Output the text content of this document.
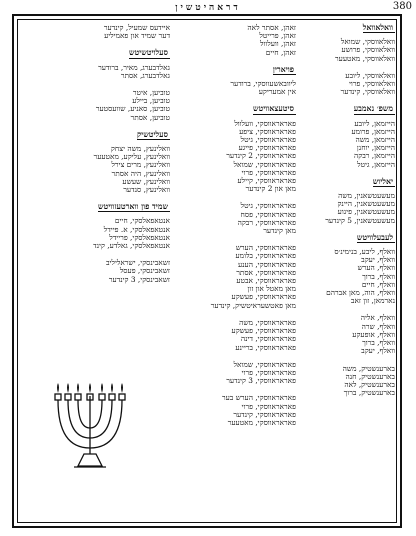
דראהיטשין	380
וואלאוואל
וואלאווסקי, שמואל
וואלאווסקי, פרושע
וואלאווסקי, מאטעער
וואלאווסקי, ליובע
וואלאווסקי, פרוי
וואלאווסקי, קינדער
משפ׳ נאמבע
הייזמאן, ליובע
הייזמאן, פרומע
הייזמאן, משה
הייזמאן, יוחנן
הייזמאן, רבקה
הייזמאן, גיטל
יאליוש
מעשעטשאנין, משה
מעשעטשאנין, היינק
מעשעטשאנין, פינוע
מעשעטשאנין, 5 קינדער
לעבעלוויטש
וואלף, ליבע, בנימינ׳ס
וואלף, יעקב
וואלף, הערש
וואלף, ברוך
וואלף, חיים
וואלף, הוה, מאן אברהם
נארמאן, זון זאב
וואלף, אליה
וואלף, שרה
וואלף, אופעקע
וואלף, ברוך
וואלף, יעקב
בארענשטיק, משה
בארענשטיק, חנה
בארענשטיק, לאה
בארענשטיק, ברוך
זאהן, אסתר לאה
זאהן, פרייטל
זאהן, וועלוול
זאהן, חיים
פויארין
ליוובאשעווסקי, ברודער
אין אמעריקע
סיטעצאוויטש
פאראראווסקי, וועלוול
פאראראווסקי, ציפע
פאראראווסקי, גיטל
פאראראווסקי, פייגע
פאראראווסקי, 2 קינדער
פאראראווסקי, שמואל
פאראראווסקי, פרוי
פאראראווסקי, קיילע
מאן און 2 קינדער
פאראראווסקי, גיטל
פאראראווסקי, פסח
פאראראווסקי, רבקה
מאן קינדער
פאראראווסקי, הערש
פאראראווסקי, בלומע
פאראראווסקי, הענע
פאראראווסקי, אסתר
פאראראווסקי, אבטע
מאן מאטל און זון
פאראראווסקי, פעשקע
מאן פאטשעראיטשיק, קינדער
פאראראווסקי, משה
פאראראווסקי, פעשקע
פאראראווסקי, דינה
פאראראווסקי, בריינע
פאראראווסקי, שמואל
פאראראווסקי, פרוי
פאראראווסקי, 3 קינדער
פאראראווסקי, הערש בער
פאראראווסקי, פרוי
פאראראווסקי, קינדער
פאראראווסקי, מאטעער
איידעס שמעיל, קינדער
דער שמיד און פאמיליע
סעלויטשיטש
גאלדבערג, מאיר, ברודער
גאלדבערג, אסתר
טוביען, איטר
טוביען, ביילע
טוביען, סאניע, שוועסטער
טוביען, אסתר
סעליטשיק
וואלינעץ, משה יצחק
וואלינעץ, עליקע, מאטעער
וואלינעץ, מרים צירל
וואלינעץ, היה אסתר
וואלינעץ, שעשע
וואלינעץ, סנדער
שמיד פון ווארטעזוויטש
אנטאפאלסקי, חיים
אנטאפאלסקי, א. פיידל
אנטאפאלסקי, פריידל
אנטאפאלסקי, גאלדע, קינד
זשאבינסקי, ישראליליב
זשאבינסקי, פעסל
זשאבינסקי, 3 קינדער
